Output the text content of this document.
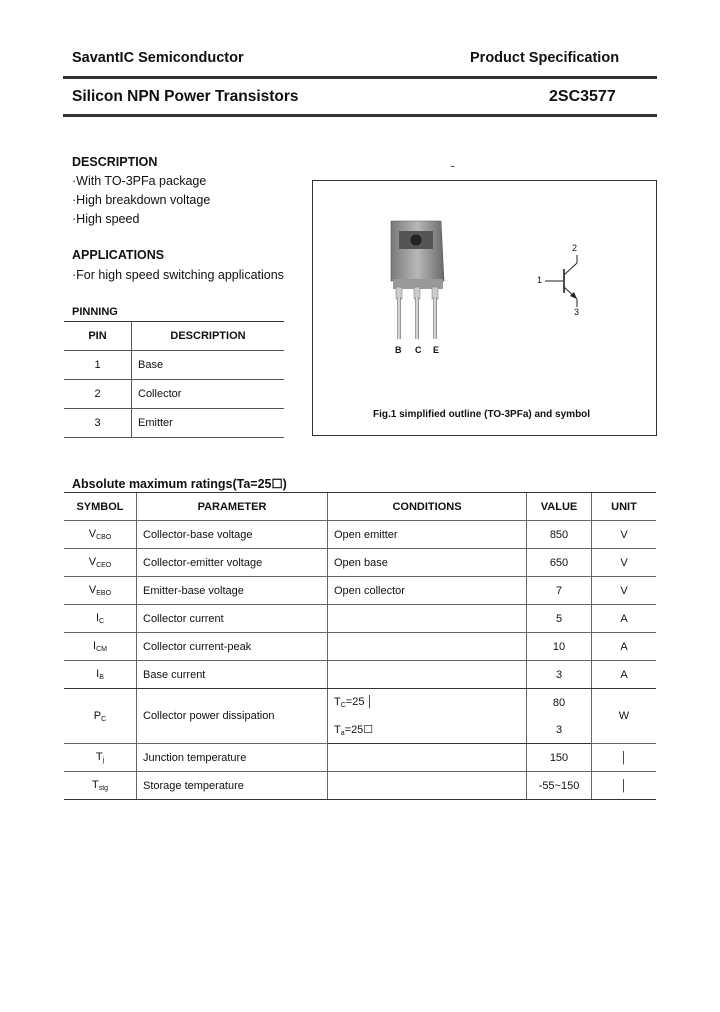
SavantIC Semiconductor	Product Specification
Silicon NPN Power Transistors	2SC3577
DESCRIPTION
·With TO-3PFa package
·High breakdown voltage
·High speed
APPLICATIONS
·For high speed switching applications
PINNING
PIN	DESCRIPTION
1	Base
2	Collector
3	Emitter
˜
B C E
2
1
3
Fig.1 simplified outline (TO-3PFa) and symbol
Absolute maximum ratings(Ta=25☐)
SYMBOL	PARAMETER	CONDITIONS	VALUE	UNIT
$V_{CBO}$	Collector-base voltage	Open emitter	850	V
$V_{CEO}$	Collector-emitter voltage	Open base	650	V
$V_{EBO}$	Emitter-base voltage	Open collector	7	V
$I_C$	Collector current		5	A
$I_{CM}$	Collector current-peak		10	A
$I_B$	Base current		3	A
$P_C$	Collector power dissipation	$T_C=25$ │	80	W
		$T_a=25☐$	3	
$T_j$	Junction temperature		150	│
$T_{stg}$	Storage temperature		-55~150	│
